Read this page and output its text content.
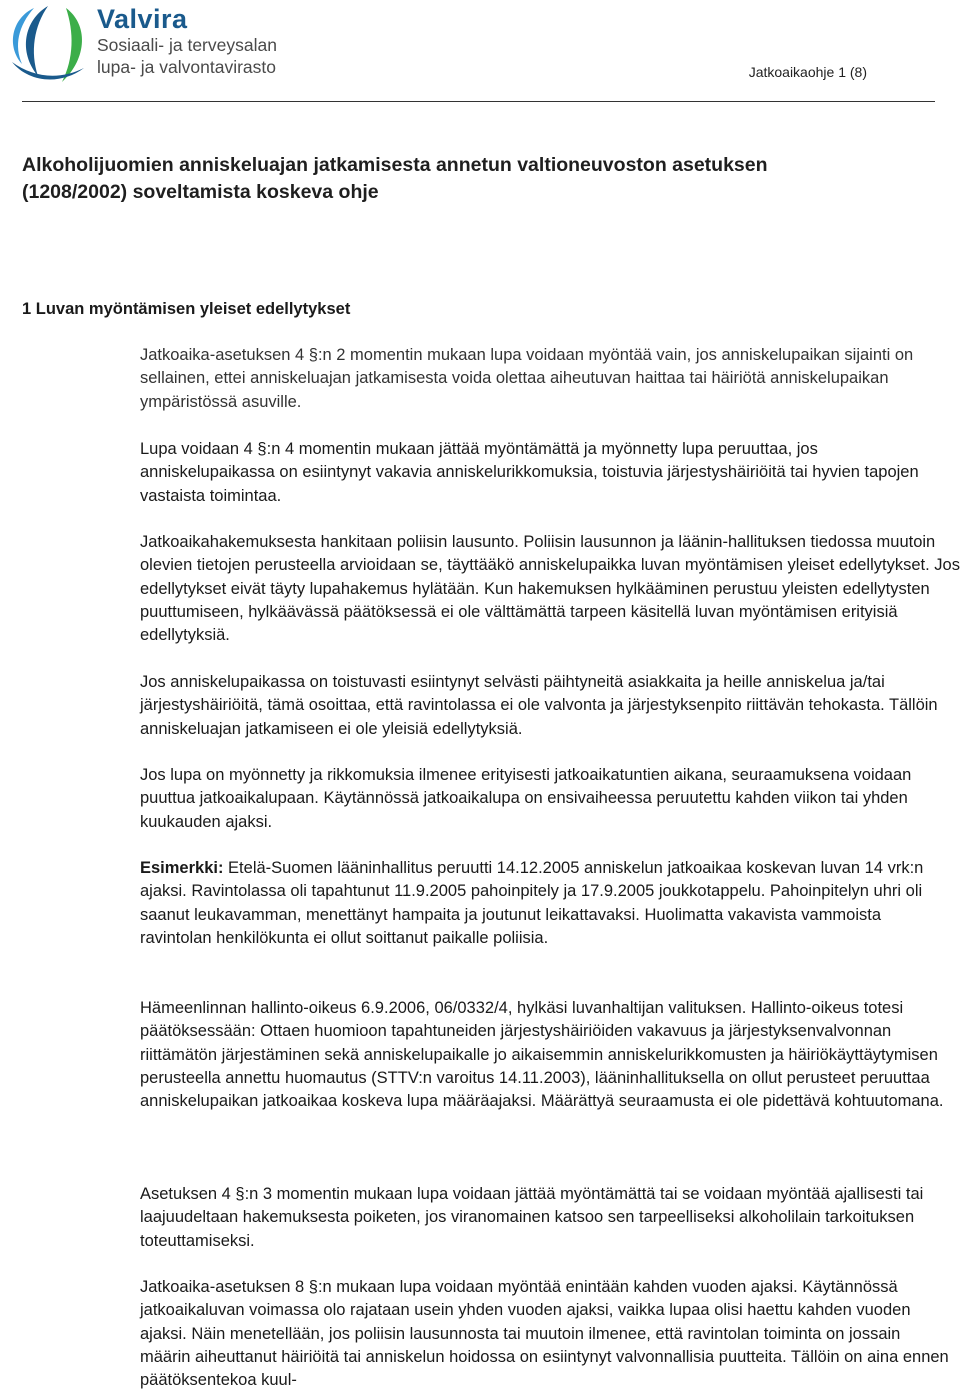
Valvira
Sosiaali- ja terveysalan
lupa- ja valvontavirasto	Jatkoaikaohje 1 (8)
Alkoholijuomien anniskeluajan jatkamisesta annetun valtioneuvoston asetuksen
(1208/2002) soveltamista koskeva ohje
1 Luvan myöntämisen yleiset edellytykset

Jatkoaika-asetuksen 4 §:n 2 momentin mukaan lupa voidaan myöntää vain, jos anniskelupaikan sijainti on sellainen, ettei anniskeluajan jatkamisesta voida olettaa aiheutuvan haittaa tai häiriötä anniskelupaikan ympäristössä asuville.

Lupa voidaan 4 §:n 4 momentin mukaan jättää myöntämättä ja myönnetty lupa peruuttaa, jos anniskelupaikassa on esiintynyt vakavia anniskelurikkomuksia, toistuvia järjestyshäiriöitä tai hyvien tapojen vastaista toimintaa.

Jatkoaikahakemuksesta hankitaan poliisin lausunto. Poliisin lausunnon ja läänin-hallituksen tiedossa muutoin olevien tietojen perusteella arvioidaan se, täyttääkö anniskelupaikka luvan myöntämisen yleiset edellytykset. Jos edellytykset eivät täyty lupahakemus hylätään. Kun hakemuksen hylkääminen perustuu yleisten edellytysten puuttumiseen, hylkäävässä päätöksessä ei ole välttämättä tarpeen käsitellä luvan myöntämisen erityisiä edellytyksiä.

Jos anniskelupaikassa on toistuvasti esiintynyt selvästi päihtyneitä asiakkaita ja heille anniskelua ja/tai järjestyshäiriöitä, tämä osoittaa, että ravintolassa ei ole valvonta ja järjestyksenpito riittävän tehokasta. Tällöin anniskeluajan jatkamiseen ei ole yleisiä edellytyksiä.

Jos lupa on myönnetty ja rikkomuksia ilmenee erityisesti jatkoaikatuntien aikana, seuraamuksena voidaan puuttua jatkoaikalupaan. Käytännössä jatkoaikalupa on ensivaiheessa peruutettu kahden viikon tai yhden kuukauden ajaksi.

Esimerkki: Etelä-Suomen lääninhallitus peruutti 14.12.2005 anniskelun jatkoaikaa koskevan luvan 14 vrk:n ajaksi. Ravintolassa oli tapahtunut 11.9.2005 pahoinpitely ja 17.9.2005 joukkotappelu. Pahoinpitelyn uhri oli saanut leukavamman, menettänyt hampaita ja joutunut leikattavaksi. Huolimatta vakavista vammoista ravintolan henkilökunta ei ollut soittanut paikalle poliisia.

Hämeenlinnan hallinto-oikeus 6.9.2006, 06/0332/4, hylkäsi luvanhaltijan valituksen. Hallinto-oikeus totesi päätöksessään: Ottaen huomioon tapahtuneiden järjestyshäiriöiden vakavuus ja järjestyksenvalvonnan riittämätön järjestäminen sekä anniskelupaikalle jo aikaisemmin anniskelurikkomusten ja häiriökäyttäytymisen perusteella annettu huomautus (STTV:n varoitus 14.11.2003), lääninhallituksella on ollut perusteet peruuttaa anniskelupaikan jatkoaikaa koskeva lupa määräajaksi. Määrättyä seuraamusta ei ole pidettävä kohtuutomana.

Asetuksen 4 §:n 3 momentin mukaan lupa voidaan jättää myöntämättä tai se voidaan myöntää ajallisesti tai laajuudeltaan hakemuksesta poiketen, jos viranomainen katsoo sen tarpeelliseksi alkoholilain tarkoituksen toteuttamiseksi.

Jatkoaika-asetuksen 8 §:n mukaan lupa voidaan myöntää enintään kahden vuoden ajaksi. Käytännössä jatkoaikaluvan voimassa olo rajataan usein yhden vuoden ajaksi, vaikka lupaa olisi haettu kahden vuoden ajaksi. Näin menetellään, jos poliisin lausunnosta tai muutoin ilmenee, että ravintolan toiminta on jossain määrin aiheuttanut häiriöitä tai anniskelun hoidossa on esiintynyt valvonnallisia puutteita. Tällöin on aina ennen päätöksentekoa kuul-
